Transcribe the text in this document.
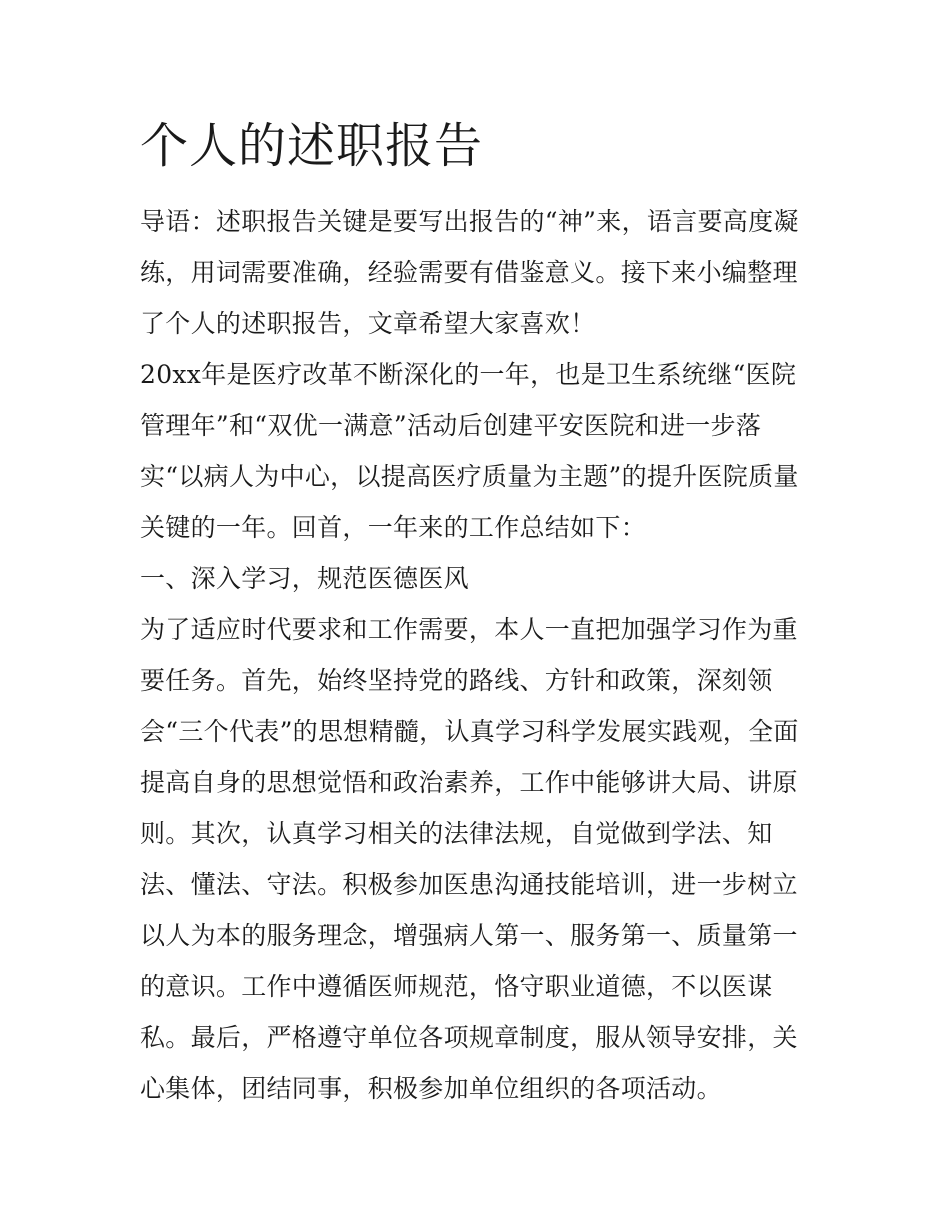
个人的述职报告

导语：述职报告关键是要写出报告的“神”来，语言要高度凝练，用词需要准确，经验需要有借鉴意义。接下来小编整理了个人的述职报告，文章希望大家喜欢！

20xx年是医疗改革不断深化的一年，也是卫生系统继“医院管理年”和“双优一满意”活动后创建平安医院和进一步落实“以病人为中心，以提高医疗质量为主题”的提升医院质量关键的一年。回首，一年来的工作总结如下：

一、深入学习，规范医德医风

为了适应时代要求和工作需要，本人一直把加强学习作为重要任务。首先，始终坚持党的路线、方针和政策，深刻领会“三个代表”的思想精髓，认真学习科学发展实践观，全面提高自身的思想觉悟和政治素养，工作中能够讲大局、讲原则。其次，认真学习相关的法律法规，自觉做到学法、知法、懂法、守法。积极参加医患沟通技能培训，进一步树立以人为本的服务理念，增强病人第一、服务第一、质量第一的意识。工作中遵循医师规范，恪守职业道德，不以医谋私。最后，严格遵守单位各项规章制度，服从领导安排，关心集体，团结同事，积极参加单位组织的各项活动。
